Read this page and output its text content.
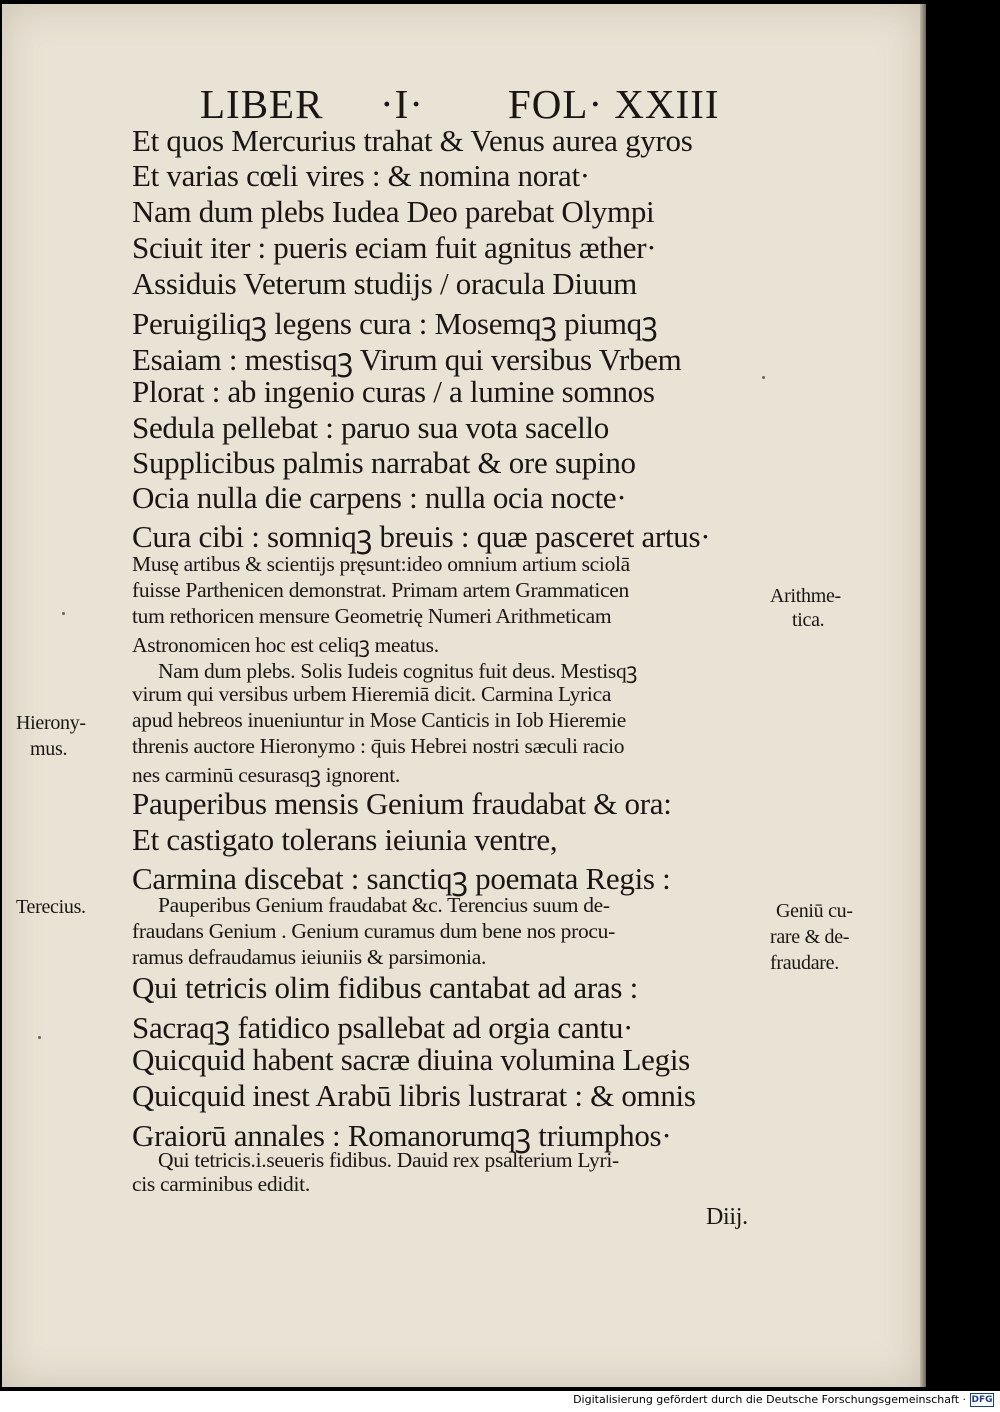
LIBER ·I· FOL· XXIII
Et quos Mercurius trahat & Venus aurea gyros
Et varias cœli vires : & nomina norat·
Nam dum plebs Iudea Deo parebat Olympi
Sciuit iter : pueris eciam fuit agnitus æther·
Assiduis Veterum studijs / oracula Diuum
Peruigiliqꝫ legens cura : Mosemqꝫ piumqꝫ
Esaiam : mestisqꝫ Virum qui versibus Vrbem
Plorat : ab ingenio curas / a lumine somnos
Sedula pellebat : paruo sua vota sacello
Supplicibus palmis narrabat & ore supino
Ocia nulla die carpens : nulla ocia nocte·
Cura cibi : somniqꝫ breuis : quæ pasceret artus·
Musę artibus & scientijs pręsunt:ideo omnium artium sciolā
fuisse Parthenicen demonstrat. Primam artem Grammaticen
tum rethoricen mensure Geometrię Numeri Arithmeticam
Astronomicen hoc est celiqꝫ meatus.
Nam dum plebs. Solis Iudeis cognitus fuit deus. Mestisqꝫ
virum qui versibus urbem Hieremiā dicit. Carmina Lyrica
apud hebreos inueniuntur in Mose Canticis in Iob Hieremie
threnis auctore Hieronymo : q̄uis Hebrei nostri sæculi racio
nes carminū cesurasqꝫ ignorent.
Pauperibus mensis Genium fraudabat & ora:
Et castigato tolerans ieiunia ventre,
Carmina discebat : sanctiqꝫ poemata Regis :
Pauperibus Genium fraudabat &c. Terencius suum de-
fraudans Genium . Genium curamus dum bene nos procu-
ramus defraudamus ieiuniis & parsimonia.
Qui tetricis olim fidibus cantabat ad aras :
Sacraqꝫ fatidico psallebat ad orgia cantu·
Quicquid habent sacræ diuina volumina Legis
Quicquid inest Arabū libris lustrarat : & omnis
Graiorū annales : Romanorumqꝫ triumphos·
Qui tetricis.i.seueris fidibus. Dauid rex psalterium Lyri-
cis carminibus edidit.
Arithme-
tica.
Hierony-
mus.
Terecius.	Geniū cu-
rare & de-
fraudare.
Diij.
Digitalisierung gefördert durch die Deutsche Forschungsgemeinschaft · DFG
